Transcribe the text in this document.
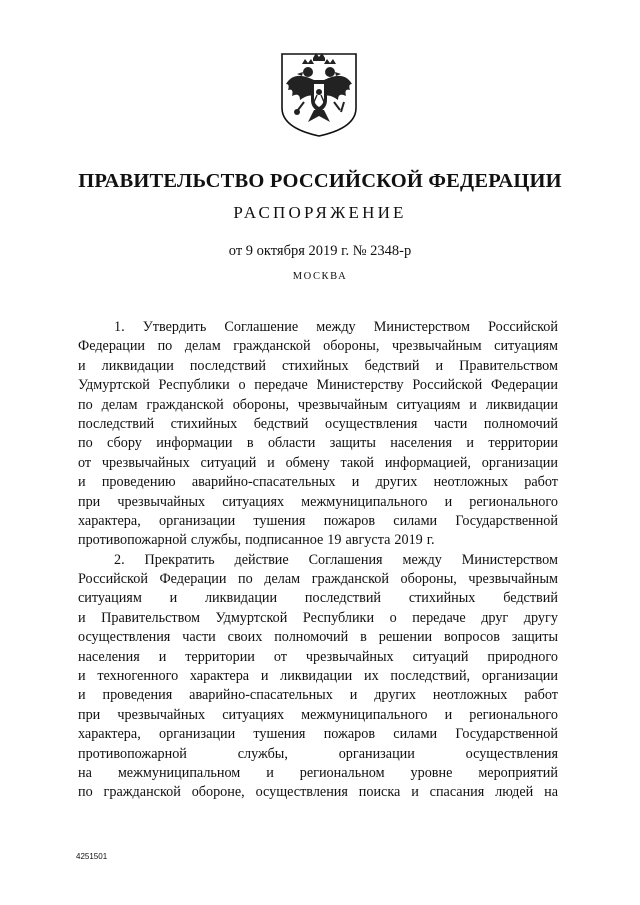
ПРАВИТЕЛЬСТВО РОССИЙСКОЙ ФЕДЕРАЦИИ
РАСПОРЯЖЕНИЕ
от 9 октября 2019 г. № 2348-р
МОСКВА
1. Утвердить Соглашение между Министерством Российской
Федерации по делам гражданской обороны, чрезвычайным ситуациям
и ликвидации последствий стихийных бедствий и Правительством
Удмуртской Республики о передаче Министерству Российской Федерации
по делам гражданской обороны, чрезвычайным ситуациям и ликвидации
последствий стихийных бедствий осуществления части полномочий
по сбору информации в области защиты населения и территории
от чрезвычайных ситуаций и обмену такой информацией, организации
и проведению аварийно-спасательных и других неотложных работ
при чрезвычайных ситуациях межмуниципального и регионального
характера, организации тушения пожаров силами Государственной
противопожарной службы, подписанное 19 августа 2019 г.
2. Прекратить действие Соглашения между Министерством
Российской Федерации по делам гражданской обороны, чрезвычайным
ситуациям и ликвидации последствий стихийных бедствий
и Правительством Удмуртской Республики о передаче друг другу
осуществления части своих полномочий в решении вопросов защиты
населения и территории от чрезвычайных ситуаций природного
и техногенного характера и ликвидации их последствий, организации
и проведения аварийно-спасательных и других неотложных работ
при чрезвычайных ситуациях межмуниципального и регионального
характера, организации тушения пожаров силами Государственной
противопожарной	службы,	организации	осуществления
на межмуниципальном и региональном уровне мероприятий
по гражданской обороне, осуществления поиска и спасания людей на
4251501
